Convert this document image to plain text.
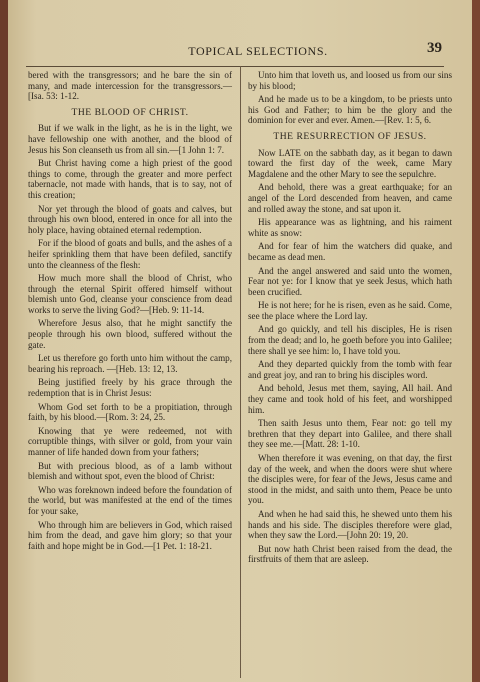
TOPICAL SELECTIONS.	39

bered with the transgressors; and he bare the sin of many, and made intercession for the transgressors.—[Isa. 53: 1-12.

THE BLOOD OF CHRIST.

But if we walk in the light, as he is in the light, we have fellowship one with another, and the blood of Jesus his Son cleanseth us from all sin.—[1 John 1: 7.

But Christ having come a high priest of the good things to come, through the greater and more perfect tabernacle, not made with hands, that is to say, not of this creation;

Nor yet through the blood of goats and calves, but through his own blood, entered in once for all into the holy place, having obtained eternal redemption.

For if the blood of goats and bulls, and the ashes of a heifer sprinkling them that have been defiled, sanctify unto the cleanness of the flesh:

How much more shall the blood of Christ, who through the eternal Spirit offered himself without blemish unto God, cleanse your conscience from dead works to serve the living God?—[Heb. 9: 11-14.

Wherefore Jesus also, that he might sanctify the people through his own blood, suffered without the gate.

Let us therefore go forth unto him without the camp, bearing his reproach. —[Heb. 13: 12, 13.

Being justified freely by his grace through the redemption that is in Christ Jesus:

Whom God set forth to be a propitiation, through faith, by his blood.—[Rom. 3: 24, 25.

Knowing that ye were redeemed, not with corruptible things, with silver or gold, from your vain manner of life handed down from your fathers;

But with precious blood, as of a lamb without blemish and without spot, even the blood of Christ:

Who was foreknown indeed before the foundation of the world, but was manifested at the end of the times for your sake,

Who through him are believers in God, which raised him from the dead, and gave him glory; so that your faith and hope might be in God.—[1 Pet. 1: 18-21.

Unto him that loveth us, and loosed us from our sins by his blood;

And he made us to be a kingdom, to be priests unto his God and Father; to him be the glory and the dominion for ever and ever. Amen.—[Rev. 1: 5, 6.

THE RESURRECTION OF JESUS.

Now LATE on the sabbath day, as it began to dawn toward the first day of the week, came Mary Magdalene and the other Mary to see the sepulchre.

And behold, there was a great earthquake; for an angel of the Lord descended from heaven, and came and rolled away the stone, and sat upon it.

His appearance was as lightning, and his raiment white as snow:

And for fear of him the watchers did quake, and became as dead men.

And the angel answered and said unto the women, Fear not ye: for I know that ye seek Jesus, which hath been crucified.

He is not here; for he is risen, even as he said. Come, see the place where the Lord lay.

And go quickly, and tell his disciples, He is risen from the dead; and lo, he goeth before you into Galilee; there shall ye see him: lo, I have told you.

And they departed quickly from the tomb with fear and great joy, and ran to bring his disciples word.

And behold, Jesus met them, saying, All hail. And they came and took hold of his feet, and worshipped him.

Then saith Jesus unto them, Fear not: go tell my brethren that they depart into Galilee, and there shall they see me.—[Matt. 28: 1-10.

When therefore it was evening, on that day, the first day of the week, and when the doors were shut where the disciples were, for fear of the Jews, Jesus came and stood in the midst, and saith unto them, Peace be unto you.

And when he had said this, he shewed unto them his hands and his side. The disciples therefore were glad, when they saw the Lord.—[John 20: 19, 20.

But now hath Christ been raised from the dead, the firstfruits of them that are asleep.
